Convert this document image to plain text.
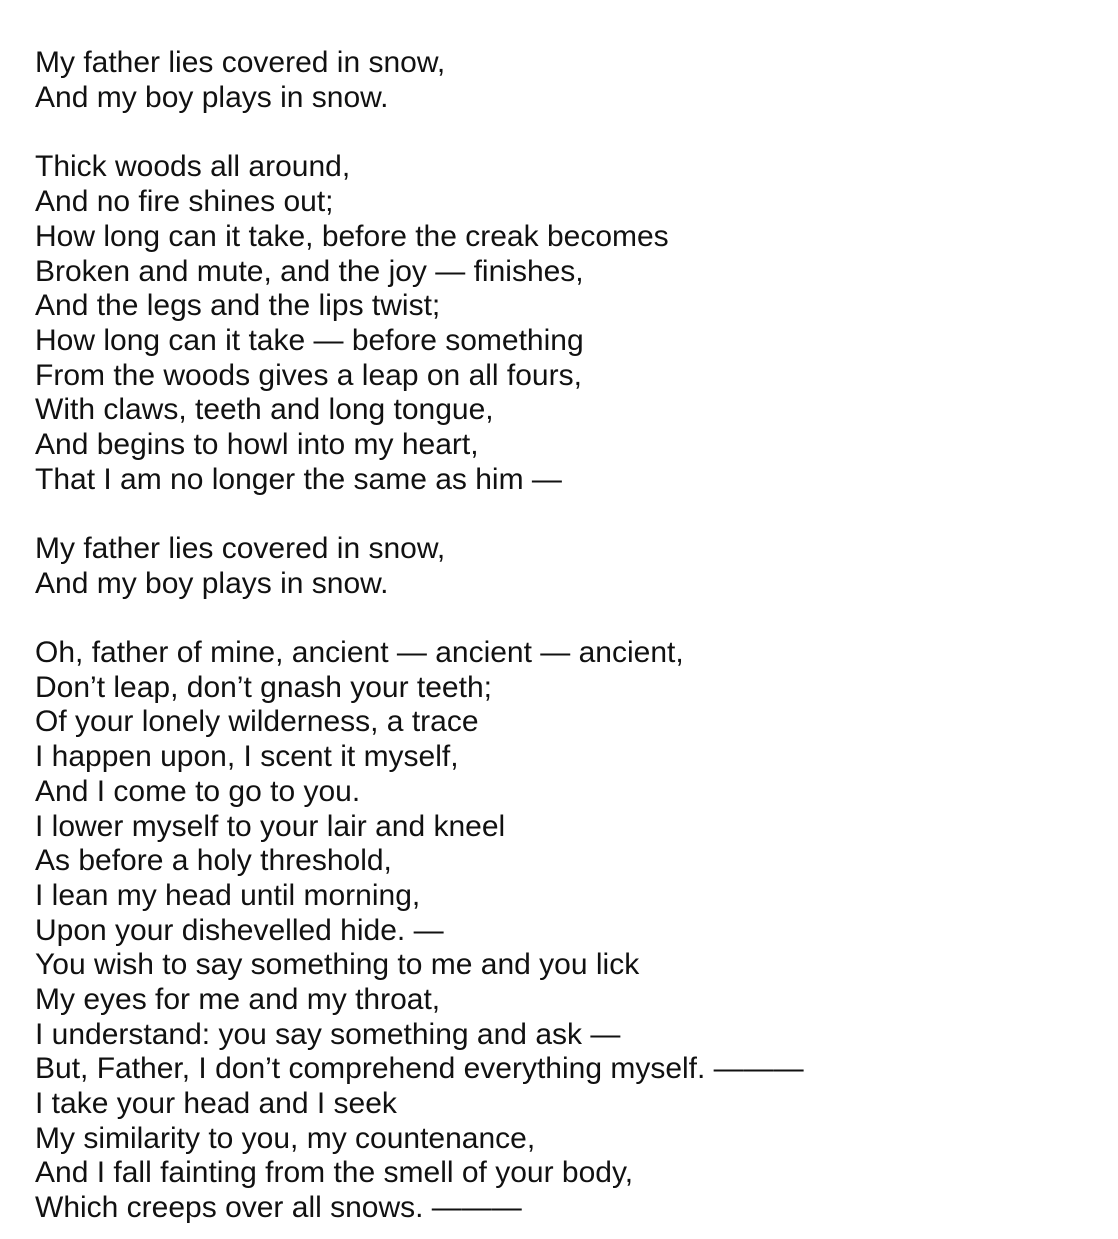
My father lies covered in snow,
And my boy plays in snow.
Thick woods all around,
And no fire shines out;
How long can it take, before the creak becomes
Broken and mute, and the joy — finishes,
And the legs and the lips twist;
How long can it take — before something
From the woods gives a leap on all fours,
With claws, teeth and long tongue,
And begins to howl into my heart,
That I am no longer the same as him —
My father lies covered in snow,
And my boy plays in snow.
Oh, father of mine, ancient — ancient — ancient,
Don’t leap, don’t gnash your teeth;
Of your lonely wilderness, a trace
I happen upon, I scent it myself,
And I come to go to you.
I lower myself to your lair and kneel
As before a holy threshold,
I lean my head until morning,
Upon your dishevelled hide. —
You wish to say something to me and you lick
My eyes for me and my throat,
I understand: you say something and ask —
But, Father, I don’t comprehend everything myself. ———
I take your head and I seek
My similarity to you, my countenance,
And I fall fainting from the smell of your body,
Which creeps over all snows. ———
